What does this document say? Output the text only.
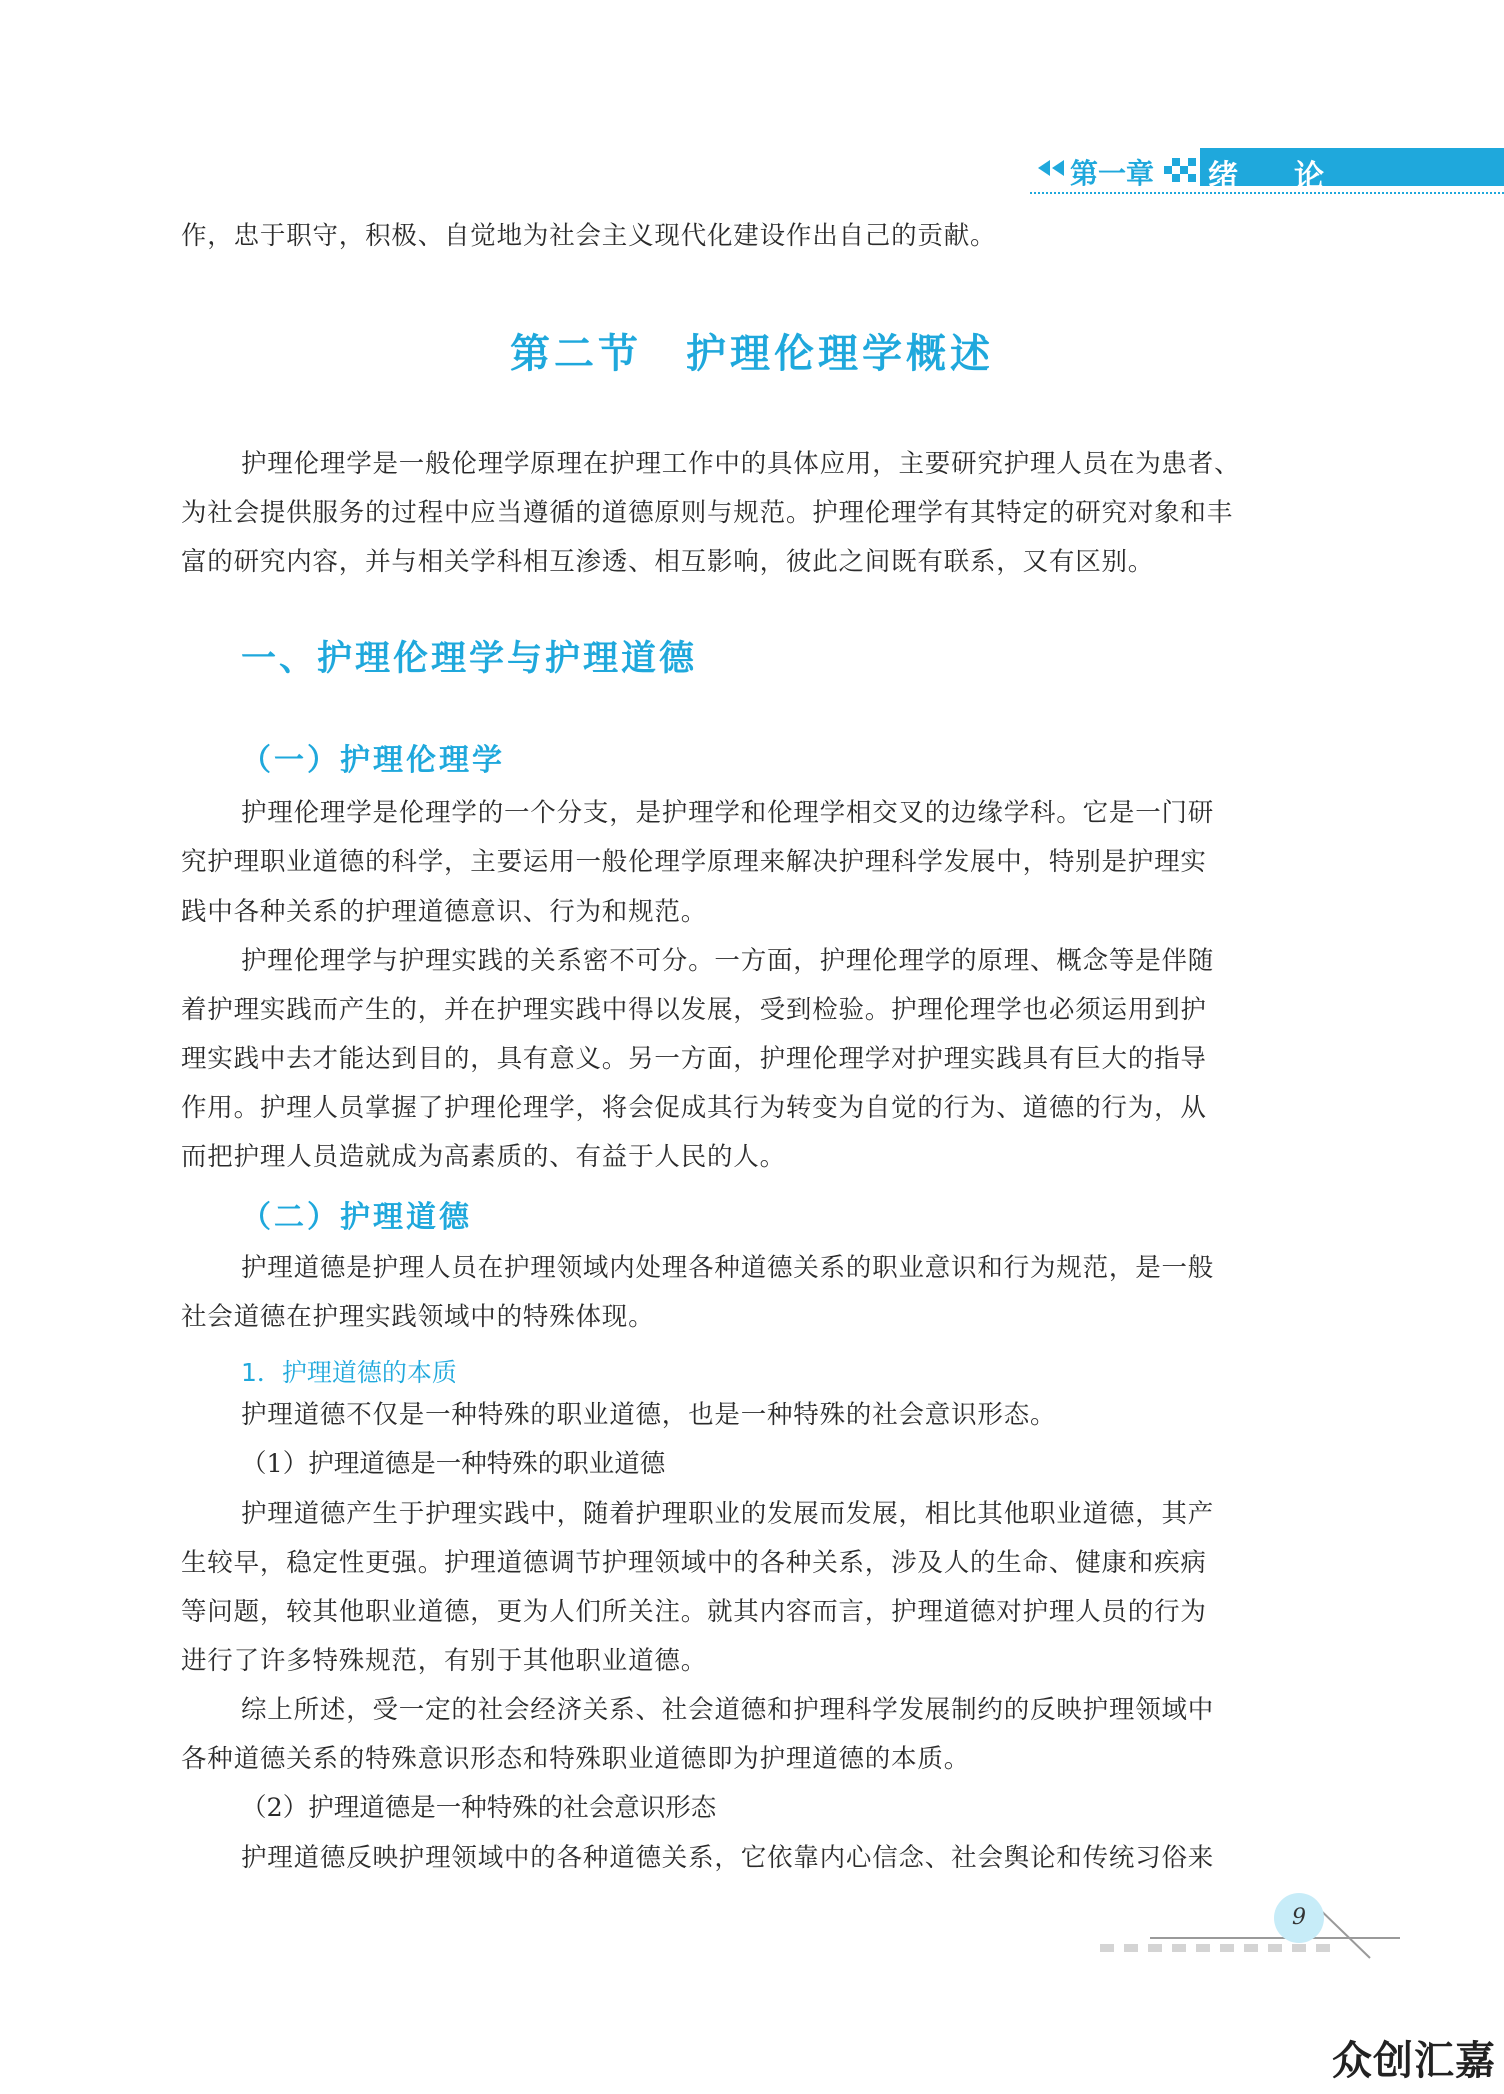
第一章 绪论

作，忠于职守，积极、自觉地为社会主义现代化建设作出自己的贡献。

第二节　护理伦理学概述

护理伦理学是一般伦理学原理在护理工作中的具体应用，主要研究护理人员在为患者、

为社会提供服务的过程中应当遵循的道德原则与规范。护理伦理学有其特定的研究对象和丰

富的研究内容，并与相关学科相互渗透、相互影响，彼此之间既有联系，又有区别。

一、护理伦理学与护理道德
（一）护理伦理学

护理伦理学是伦理学的一个分支，是护理学和伦理学相交叉的边缘学科。它是一门研

究护理职业道德的科学，主要运用一般伦理学原理来解决护理科学发展中，特别是护理实

践中各种关系的护理道德意识、行为和规范。

护理伦理学与护理实践的关系密不可分。一方面，护理伦理学的原理、概念等是伴随

着护理实践而产生的，并在护理实践中得以发展，受到检验。护理伦理学也必须运用到护

理实践中去才能达到目的，具有意义。另一方面，护理伦理学对护理实践具有巨大的指导

作用。护理人员掌握了护理伦理学，将会促成其行为转变为自觉的行为、道德的行为，从

而把护理人员造就成为高素质的、有益于人民的人。

（二）护理道德

护理道德是护理人员在护理领域内处理各种道德关系的职业意识和行为规范，是一般

社会道德在护理实践领域中的特殊体现。

1．护理道德的本质

护理道德不仅是一种特殊的职业道德，也是一种特殊的社会意识形态。

（1）护理道德是一种特殊的职业道德

护理道德产生于护理实践中，随着护理职业的发展而发展，相比其他职业道德，其产

生较早，稳定性更强。护理道德调节护理领域中的各种关系，涉及人的生命、健康和疾病

等问题，较其他职业道德，更为人们所关注。就其内容而言，护理道德对护理人员的行为

进行了许多特殊规范，有别于其他职业道德。

综上所述，受一定的社会经济关系、社会道德和护理科学发展制约的反映护理领域中

各种道德关系的特殊意识形态和特殊职业道德即为护理道德的本质。

（2）护理道德是一种特殊的社会意识形态

护理道德反映护理领域中的各种道德关系，它依靠内心信念、社会舆论和传统习俗来

9
众创汇嘉
